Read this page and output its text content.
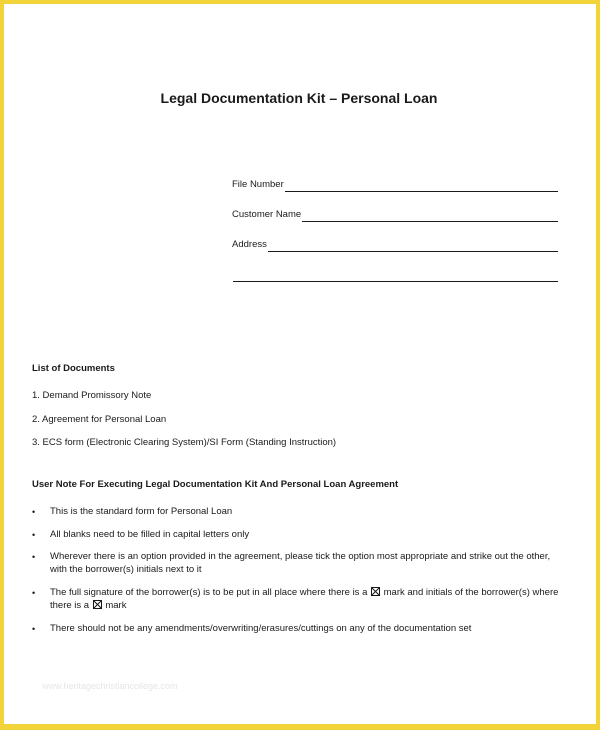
Legal Documentation Kit – Personal Loan
File Number
Customer Name
Address
List of Documents
1. Demand Promissory Note
2. Agreement for Personal Loan
3. ECS form (Electronic Clearing System)/SI Form (Standing Instruction)
User Note For Executing Legal Documentation Kit And Personal Loan Agreement
•	This is the standard form for Personal Loan
•	All blanks need to be filled in capital letters only
•	Wherever there is an option provided in the agreement, please tick the option most appropriate and strike out the other, with the borrower(s) initials next to it
•	The full signature of the borrower(s) is to be put in all place where there is a mark and initials of the borrower(s) where there is a mark
•	There should not be any amendments/overwriting/erasures/cuttings on any of the documentation set
www.heritagechristiancollege.com
